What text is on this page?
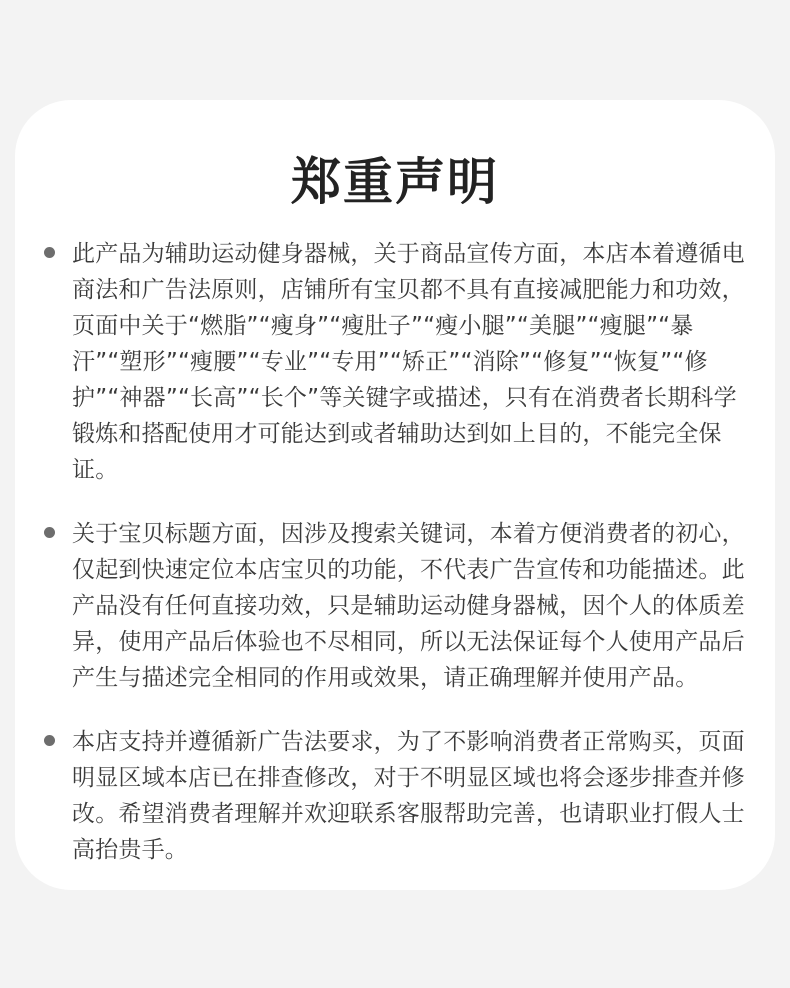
郑重声明
此产品为辅助运动健身器械，关于商品宣传方面，本店本着遵循电商法和广告法原则，店铺所有宝贝都不具有直接减肥能力和功效，页面中关于“燃脂”“瘦身”“瘦肚子”“瘦小腿”“美腿”“瘦腿”“暴汗”“塑形”“瘦腰”“专业”“专用”“矫正”“消除”“修复”“恢复”“修护”“神器”“长高”“长个”等关键字或描述，只有在消费者长期科学锻炼和搭配使用才可能达到或者辅助达到如上目的，不能完全保证。
关于宝贝标题方面，因涉及搜索关键词，本着方便消费者的初心，仅起到快速定位本店宝贝的功能，不代表广告宣传和功能描述。此产品没有任何直接功效，只是辅助运动健身器械，因个人的体质差异，使用产品后体验也不尽相同，所以无法保证每个人使用产品后产生与描述完全相同的作用或效果，请正确理解并使用产品。
本店支持并遵循新广告法要求，为了不影响消费者正常购买，页面明显区域本店已在排查修改，对于不明显区域也将会逐步排查并修改。希望消费者理解并欢迎联系客服帮助完善，也请职业打假人士高抬贵手。
